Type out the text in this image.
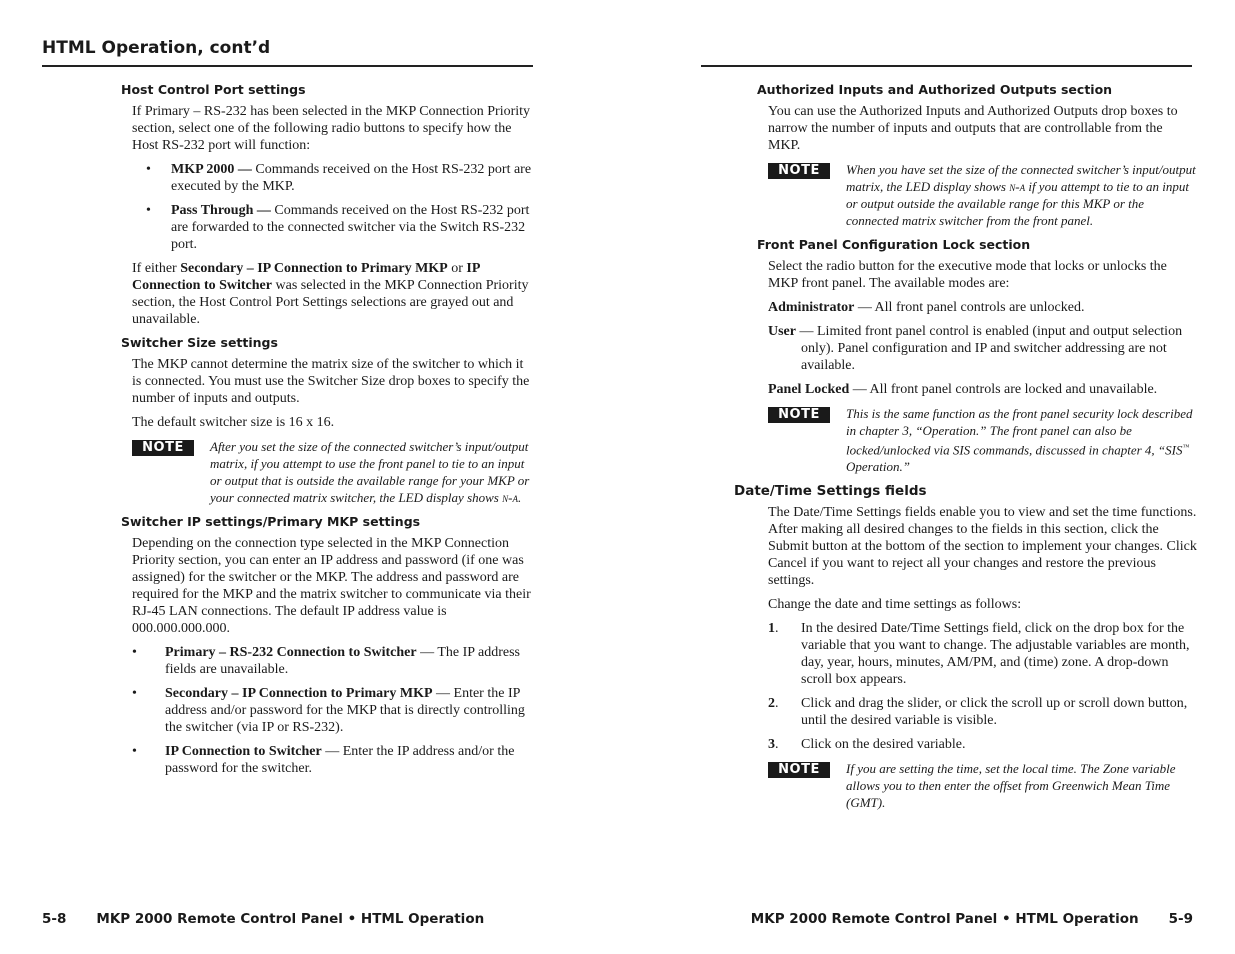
HTML Operation, cont’d
Host Control Port settings

If Primary – RS-232 has been selected in the MKP Connection Priority section, select one of the following radio buttons to specify how the Host RS-232 port will function:

• MKP 2000 — Commands received on the Host RS-232 port are executed by the MKP.
• Pass Through — Commands received on the Host RS-232 port are forwarded to the connected switcher via the Switch RS-232 port.

If either Secondary – IP Connection to Primary MKP or IP Connection to Switcher was selected in the MKP Connection Priority section, the Host Control Port Settings selections are grayed out and unavailable.

Switcher Size settings

The MKP cannot determine the matrix size of the switcher to which it is connected. You must use the Switcher Size drop boxes to specify the number of inputs and outputs.

The default switcher size is 16 x 16.

NOTE	After you set the size of the connected switcher’s input/output matrix, if you attempt to use the front panel to tie to an input or output that is outside the available range for your MKP or your connected matrix switcher, the LED display shows n-a.

Switcher IP settings/Primary MKP settings

Depending on the connection type selected in the MKP Connection Priority section, you can enter an IP address and password (if one was assigned) for the switcher or the MKP. The address and password are required for the MKP and the matrix switcher to communicate via their RJ-45 LAN connections. The default IP address value is 000.000.000.000.

• Primary – RS-232 Connection to Switcher — The IP address fields are unavailable.
• Secondary – IP Connection to Primary MKP — Enter the IP address and/or password for the MKP that is directly controlling the switcher (via IP or RS-232).
• IP Connection to Switcher — Enter the IP address and/or the password for the switcher.
5-8 MKP 2000 Remote Control Panel • HTML Operation
Authorized Inputs and Authorized Outputs section

You can use the Authorized Inputs and Authorized Outputs drop boxes to narrow the number of inputs and outputs that are controllable from the MKP.

NOTE	When you have set the size of the connected switcher’s input/output matrix, the LED display shows n-a if you attempt to tie to an input or output outside the available range for this MKP or the connected matrix switcher from the front panel.

Front Panel Configuration Lock section

Select the radio button for the executive mode that locks or unlocks the MKP front panel. The available modes are:

Administrator — All front panel controls are unlocked.

User — Limited front panel control is enabled (input and output selection only). Panel configuration and IP and switcher addressing are not available.

Panel Locked — All front panel controls are locked and unavailable.

NOTE	This is the same function as the front panel security lock described in chapter 3, “Operation.” The front panel can also be locked/unlocked via SIS commands, discussed in chapter 4, “SIS™ Operation.”

Date/Time Settings fields

The Date/Time Settings fields enable you to view and set the time functions. After making all desired changes to the fields in this section, click the Submit button at the bottom of the section to implement your changes. Click Cancel if you want to reject all your changes and restore the previous settings.

Change the date and time settings as follows:

1. In the desired Date/Time Settings field, click on the drop box for the variable that you want to change. The adjustable variables are month, day, year, hours, minutes, AM/PM, and (time) zone. A drop-down scroll box appears.
2. Click and drag the slider, or click the scroll up or scroll down button, until the desired variable is visible.
3. Click on the desired variable.
NOTE	If you are setting the time, set the local time. The Zone variable allows you to then enter the offset from Greenwich Mean Time (GMT).

MKP 2000 Remote Control Panel • HTML Operation 5-9
